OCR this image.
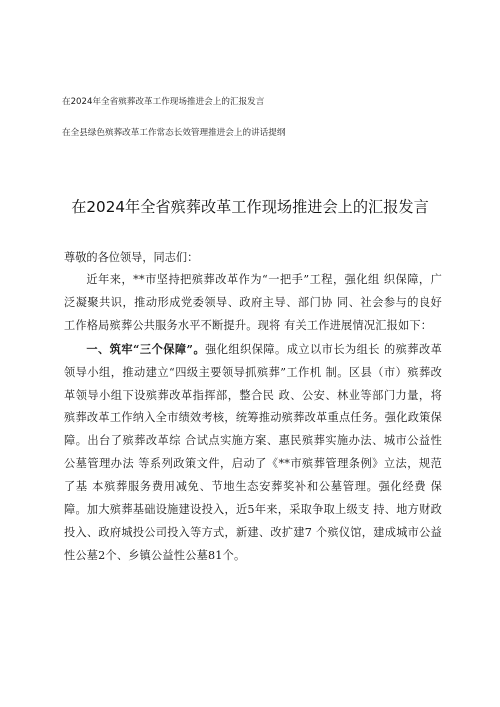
在2024年全省殡葬改革工作现场推进会上的汇报发言
在全县绿色殡葬改革工作常态长效管理推进会上的讲话提纲
在2024年全省殡葬改革工作现场推进会上的汇报发言

尊敬的各位领导，同志们：

近年来，**市坚持把殡葬改革作为“一把手”工程，强化组 织保障，广泛凝聚共识，推动形成党委领导、政府主导、部门协 同、社会参与的良好工作格局殡葬公共服务水平不断提升。现将 有关工作进展情况汇报如下：

一、筑牢“三个保障”。强化组织保障。成立以市长为组长 的殡葬改革领导小组，推动建立“四级主要领导抓殡葬”工作机 制。区县（市）殡葬改革领导小组下设殡葬改革指挥部，整合民 政、公安、林业等部门力量，将殡葬改革工作纳入全市绩效考核，统筹推动殡葬改革重点任务。强化政策保障。出台了殡葬改革综 合试点实施方案、惠民殡葬实施办法、城市公益性公墓管理办法 等系列政策文件，启动了《**市殡葬管理条例》立法，规范了基 本殡葬服务费用减免、节地生态安葬奖补和公墓管理。强化经费 保障。加大殡葬基础设施建设投入，近5年来，采取争取上级支 持、地方财政投入、政府城投公司投入等方式，新建、改扩建7 个殡仪馆，建成城市公益性公墓2个、乡镇公益性公墓81个。
